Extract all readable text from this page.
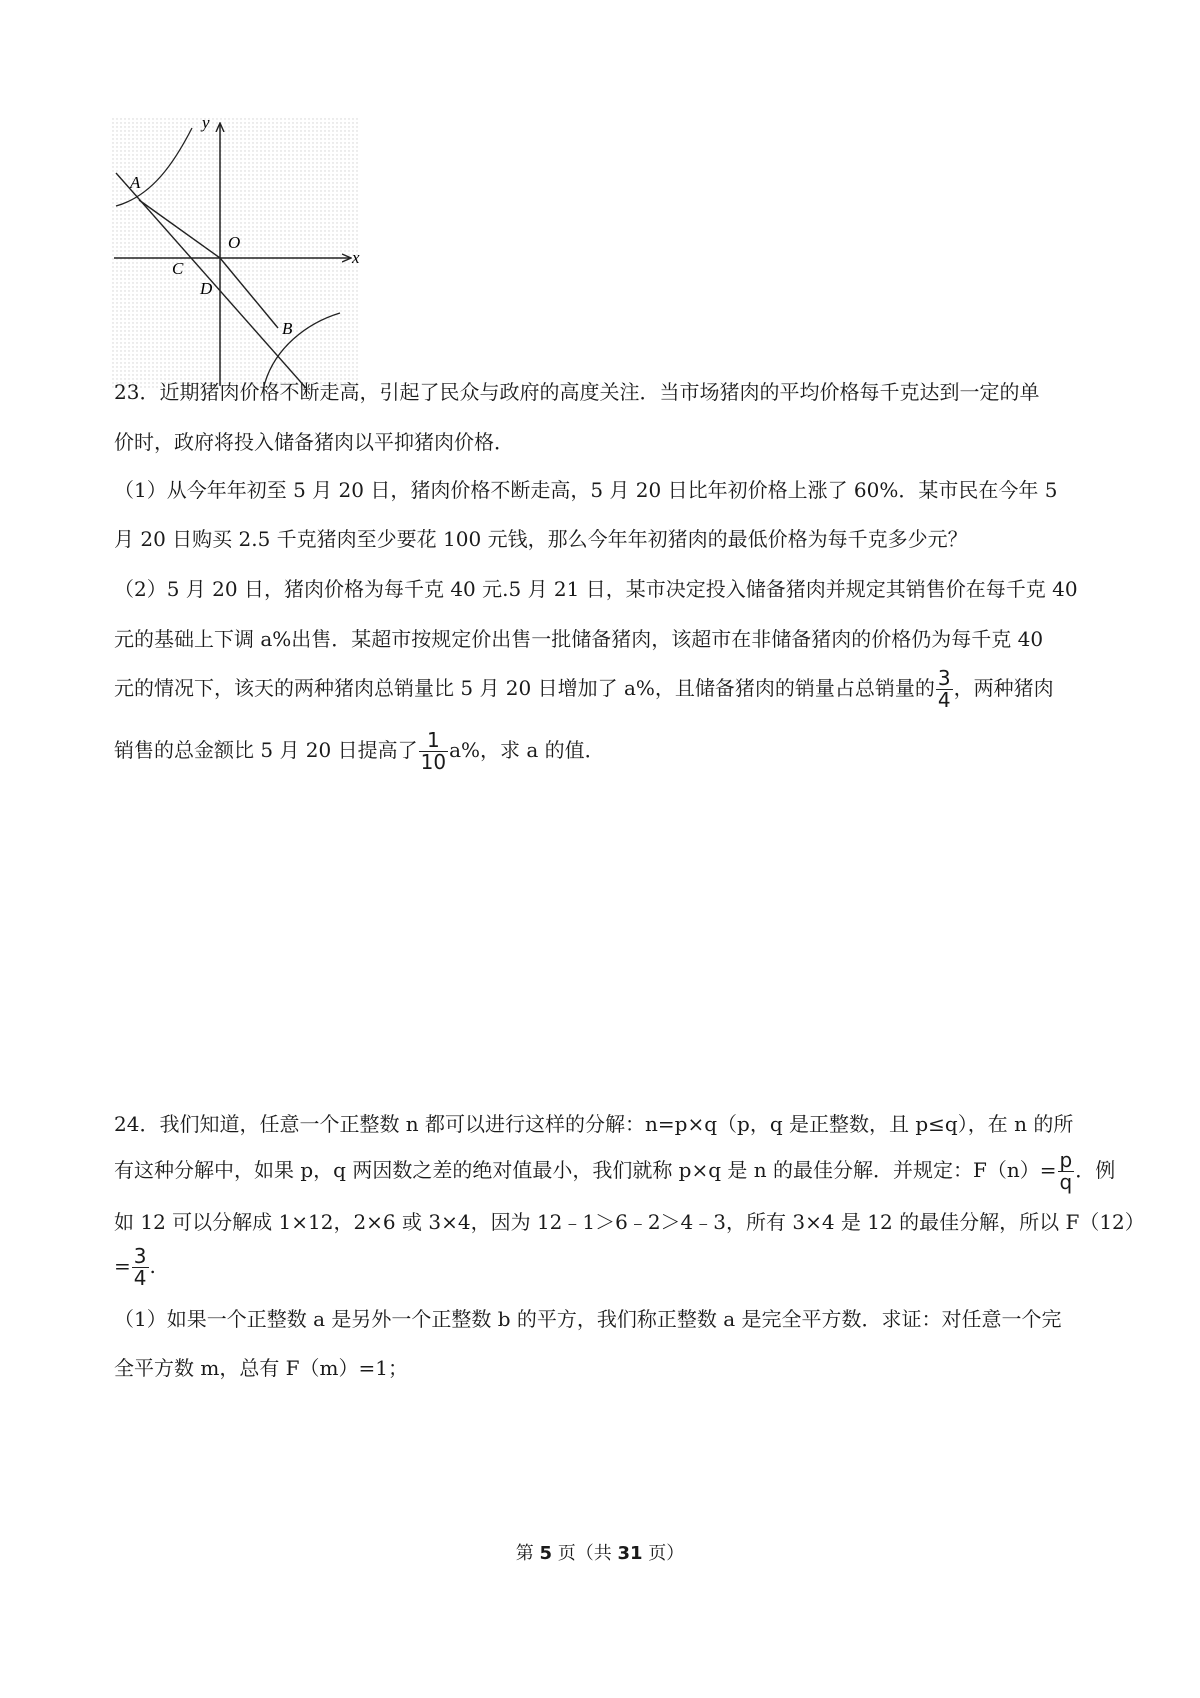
y
x
O
A
B
C
D
23．近期猪肉价格不断走高，引起了民众与政府的高度关注．当市场猪肉的平均价格每千克达到一定的单
价时，政府将投入储备猪肉以平抑猪肉价格．
（1）从今年年初至 5 月 20 日，猪肉价格不断走高，5 月 20 日比年初价格上涨了 60%．某市民在今年 5
月 20 日购买 2.5 千克猪肉至少要花 100 元钱，那么今年年初猪肉的最低价格为每千克多少元？
（2）5 月 20 日，猪肉价格为每千克 40 元.5 月 21 日，某市决定投入储备猪肉并规定其销售价在每千克 40
元的基础上下调 a%出售．某超市按规定价出售一批储备猪肉，该超市在非储备猪肉的价格仍为每千克 40
元的情况下，该天的两种猪肉总销量比 5 月 20 日增加了 a%，且储备猪肉的销量占总销量的 $\frac{3}{4}$ ，两种猪肉
销售的总金额比 5 月 20 日提高了 $\frac{1}{10} a\%$，求 a 的值．
24．我们知道，任意一个正整数 n 都可以进行这样的分解：n=p×q（p，q 是正整数，且 p≤q），在 n 的所
有这种分解中，如果 p，q 两因数之差的绝对值最小，我们就称 p×q 是 n 的最佳分解．并规定：$F(n)= \frac{p}{q}$ ．例
如 12 可以分解成 1×12，2×6 或 3×4，因为 12﹣1＞6﹣2＞4﹣3，所有 3×4 是 12 的最佳分解，所以 F（12）
= $\frac{3}{4}$ .
（1）如果一个正整数 a 是另外一个正整数 b 的平方，我们称正整数 a 是完全平方数．求证：对任意一个完
全平方数 m，总有 F（m）=1；
第 5 页（共 31 页）
